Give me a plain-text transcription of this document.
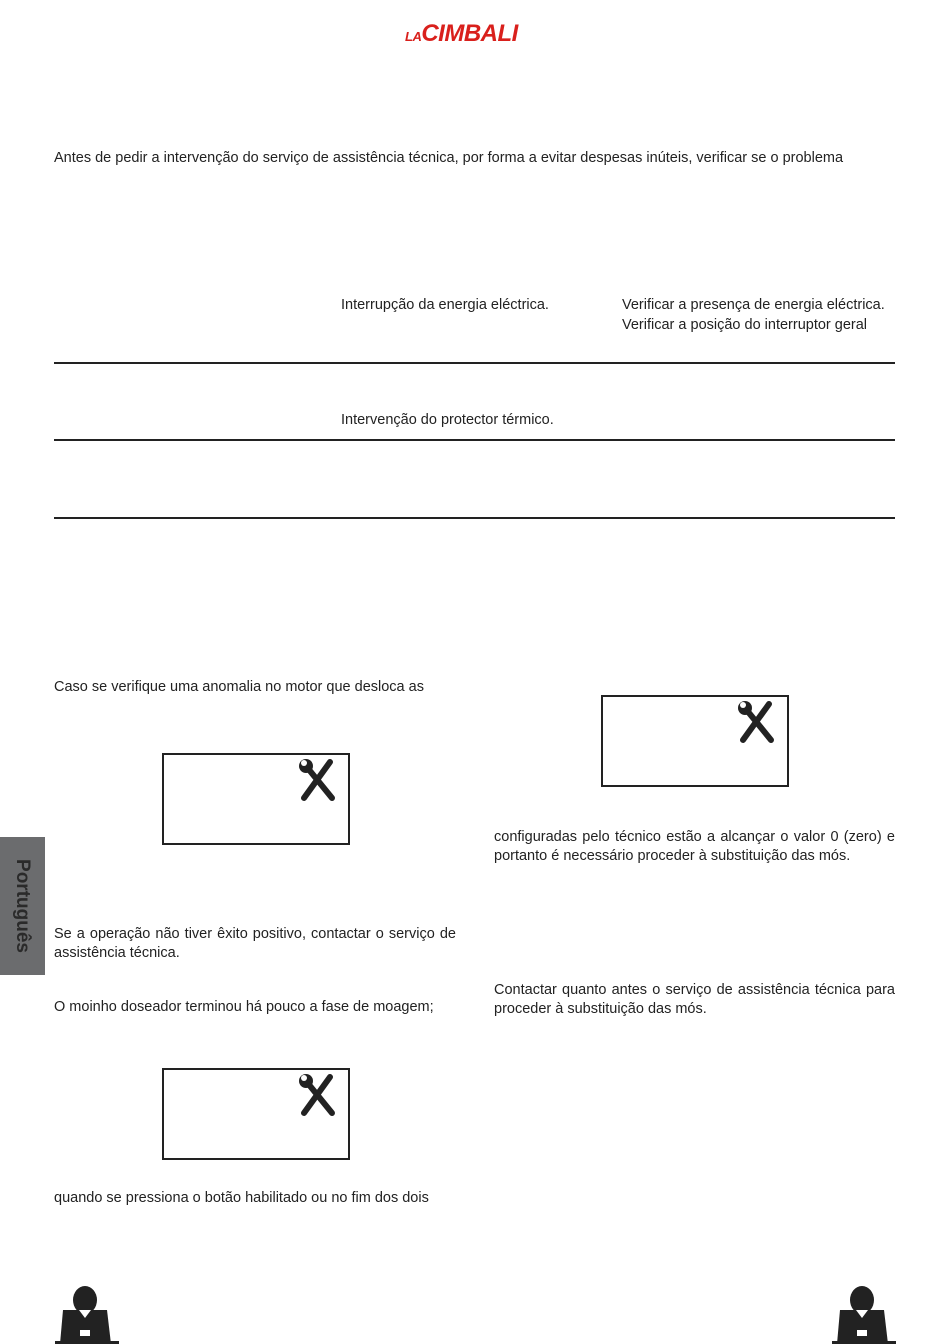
LACIMBALI
Antes de pedir a intervenção do serviço de assistência técnica, por forma a evitar despesas inúteis, verificar se o problema
Interrupção da energia eléctrica.	Verificar a presença de energia eléctrica.
Verificar a posição do interruptor geral
Intervenção do protector térmico.
Caso se verifique uma anomalia no motor que desloca as
configuradas pelo técnico estão a alcançar o valor 0 (zero) e portanto é necessário proceder à substituição das mós.
Se a operação não tiver êxito positivo, contactar o serviço de assistência técnica.
Contactar quanto antes o serviço de assistência técnica para proceder à substituição das mós.
O moinho doseador terminou há pouco a fase de moagem;
quando se pressiona o botão habilitado ou no fim dos dois
Português
